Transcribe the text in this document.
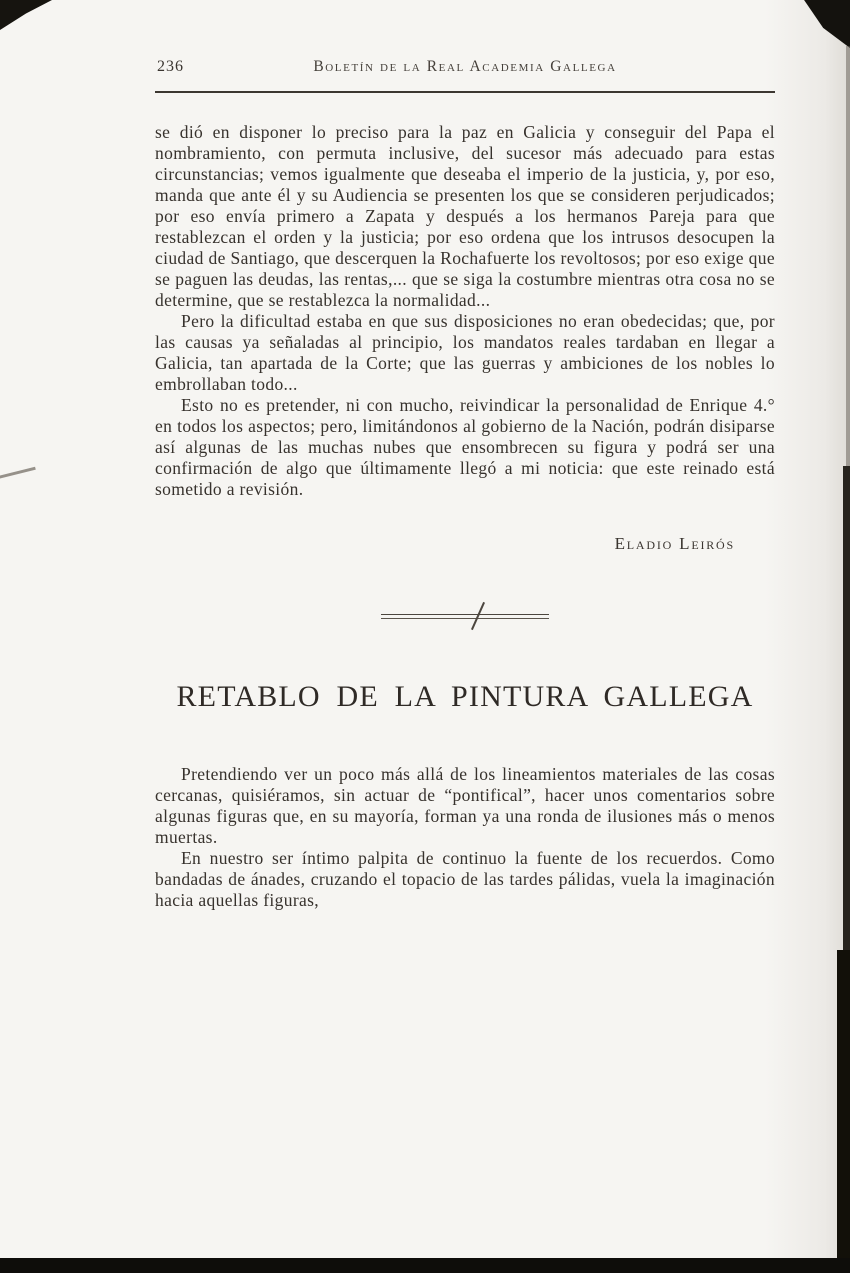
236	Boletín de la Real Academia Gallega

se dió en disponer lo preciso para la paz en Galicia y conseguir del Papa el nombramiento, con permuta inclusive, del sucesor más adecuado para estas circunstancias; vemos igualmente que deseaba el imperio de la justicia, y, por eso, manda que ante él y su Audiencia se presenten los que se consideren perjudicados; por eso envía primero a Zapata y después a los hermanos Pareja para que restablezcan el orden y la justicia; por eso ordena que los intrusos desocupen la ciudad de Santiago, que descerquen la Rochafuerte los revoltosos; por eso exige que se paguen las deudas, las rentas,... que se siga la costumbre mientras otra cosa no se determine, que se restablezca la normalidad...

Pero la dificultad estaba en que sus disposiciones no eran obedecidas; que, por las causas ya señaladas al principio, los mandatos reales tardaban en llegar a Galicia, tan apartada de la Corte; que las guerras y ambiciones de los nobles lo embrollaban todo...

Esto no es pretender, ni con mucho, reivindicar la personalidad de Enrique 4.° en todos los aspectos; pero, limitándonos al gobierno de la Nación, podrán disiparse así algunas de las muchas nubes que ensombrecen su figura y podrá ser una confirmación de algo que últimamente llegó a mi noticia: que este reinado está sometido a revisión.

Eladio Leirós
RETABLO DE LA PINTURA GALLEGA

Pretendiendo ver un poco más allá de los lineamientos materiales de las cosas cercanas, quisiéramos, sin actuar de “pontifical”, hacer unos comentarios sobre algunas figuras que, en su mayoría, forman ya una ronda de ilusiones más o menos muertas.

En nuestro ser íntimo palpita de continuo la fuente de los recuerdos. Como bandadas de ánades, cruzando el topacio de las tardes pálidas, vuela la imaginación hacia aquellas figuras,
